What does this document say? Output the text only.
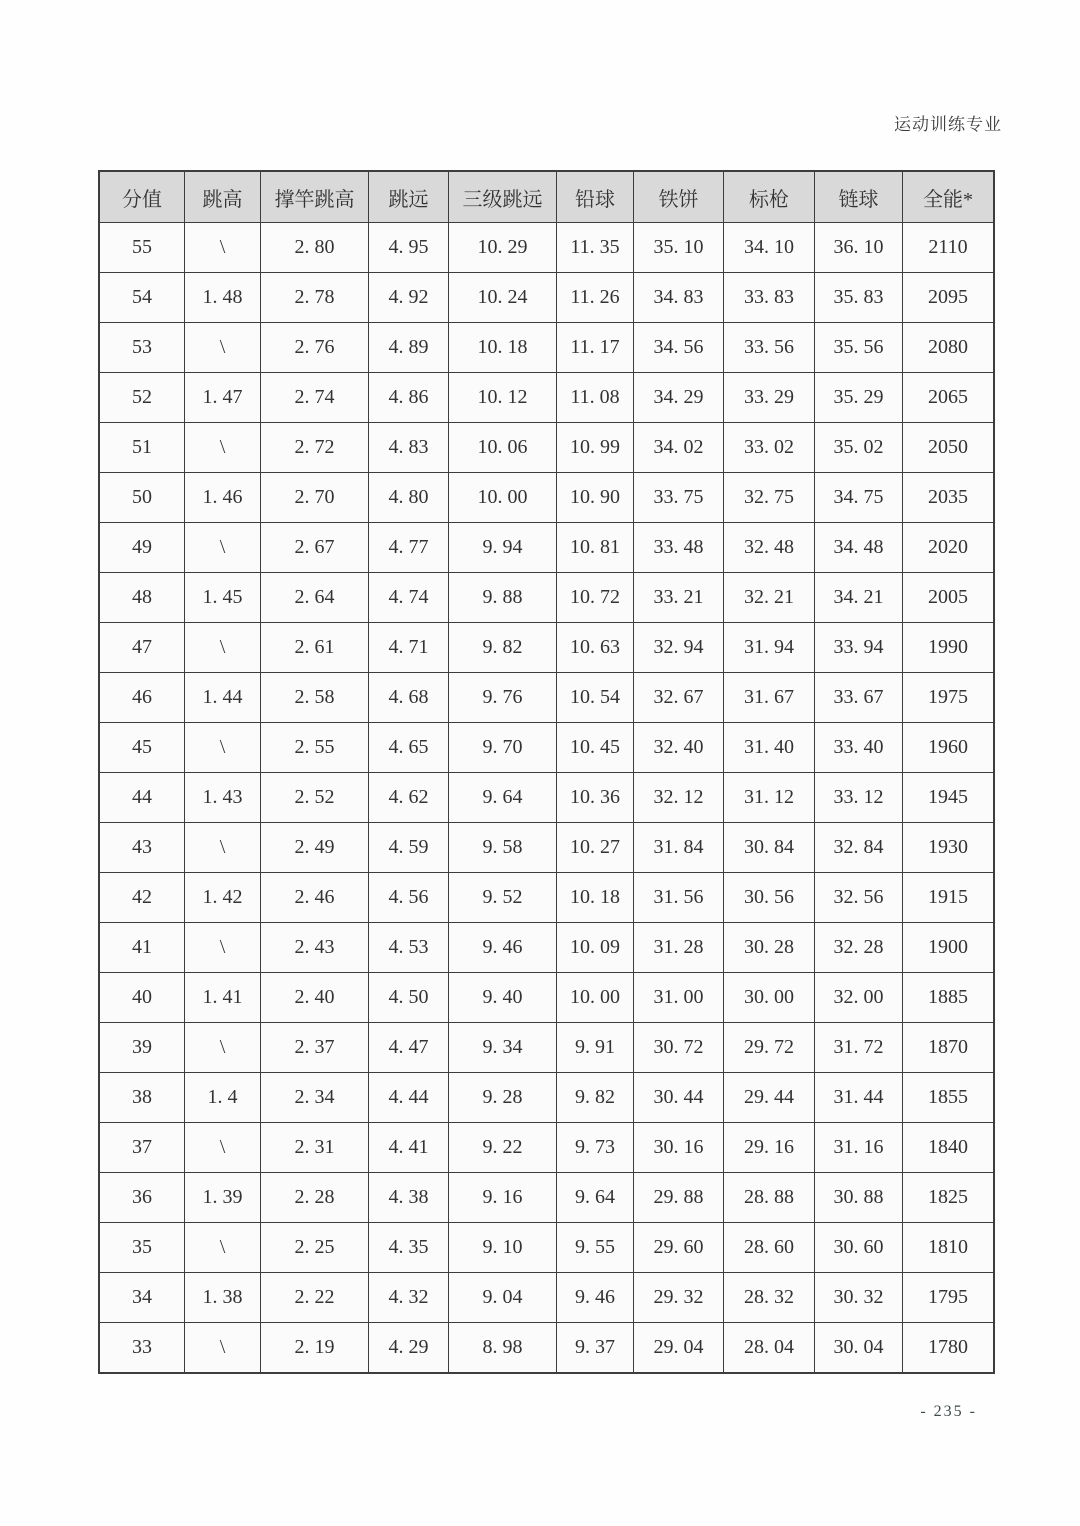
运动训练专业
分值	跳高	撑竿跳高	跳远	三级跳远	铅球	铁饼	标枪	链球	全能*
55	\	2. 80	4. 95	10. 29	11. 35	35. 10	34. 10	36. 10	2110
54	1. 48	2. 78	4. 92	10. 24	11. 26	34. 83	33. 83	35. 83	2095
53	\	2. 76	4. 89	10. 18	11. 17	34. 56	33. 56	35. 56	2080
52	1. 47	2. 74	4. 86	10. 12	11. 08	34. 29	33. 29	35. 29	2065
51	\	2. 72	4. 83	10. 06	10. 99	34. 02	33. 02	35. 02	2050
50	1. 46	2. 70	4. 80	10. 00	10. 90	33. 75	32. 75	34. 75	2035
49	\	2. 67	4. 77	9. 94	10. 81	33. 48	32. 48	34. 48	2020
48	1. 45	2. 64	4. 74	9. 88	10. 72	33. 21	32. 21	34. 21	2005
47	\	2. 61	4. 71	9. 82	10. 63	32. 94	31. 94	33. 94	1990
46	1. 44	2. 58	4. 68	9. 76	10. 54	32. 67	31. 67	33. 67	1975
45	\	2. 55	4. 65	9. 70	10. 45	32. 40	31. 40	33. 40	1960
44	1. 43	2. 52	4. 62	9. 64	10. 36	32. 12	31. 12	33. 12	1945
43	\	2. 49	4. 59	9. 58	10. 27	31. 84	30. 84	32. 84	1930
42	1. 42	2. 46	4. 56	9. 52	10. 18	31. 56	30. 56	32. 56	1915
41	\	2. 43	4. 53	9. 46	10. 09	31. 28	30. 28	32. 28	1900
40	1. 41	2. 40	4. 50	9. 40	10. 00	31. 00	30. 00	32. 00	1885
39	\	2. 37	4. 47	9. 34	9. 91	30. 72	29. 72	31. 72	1870
38	1. 4	2. 34	4. 44	9. 28	9. 82	30. 44	29. 44	31. 44	1855
37	\	2. 31	4. 41	9. 22	9. 73	30. 16	29. 16	31. 16	1840
36	1. 39	2. 28	4. 38	9. 16	9. 64	29. 88	28. 88	30. 88	1825
35	\	2. 25	4. 35	9. 10	9. 55	29. 60	28. 60	30. 60	1810
34	1. 38	2. 22	4. 32	9. 04	9. 46	29. 32	28. 32	30. 32	1795
33	\	2. 19	4. 29	8. 98	9. 37	29. 04	28. 04	30. 04	1780
- 235 -
